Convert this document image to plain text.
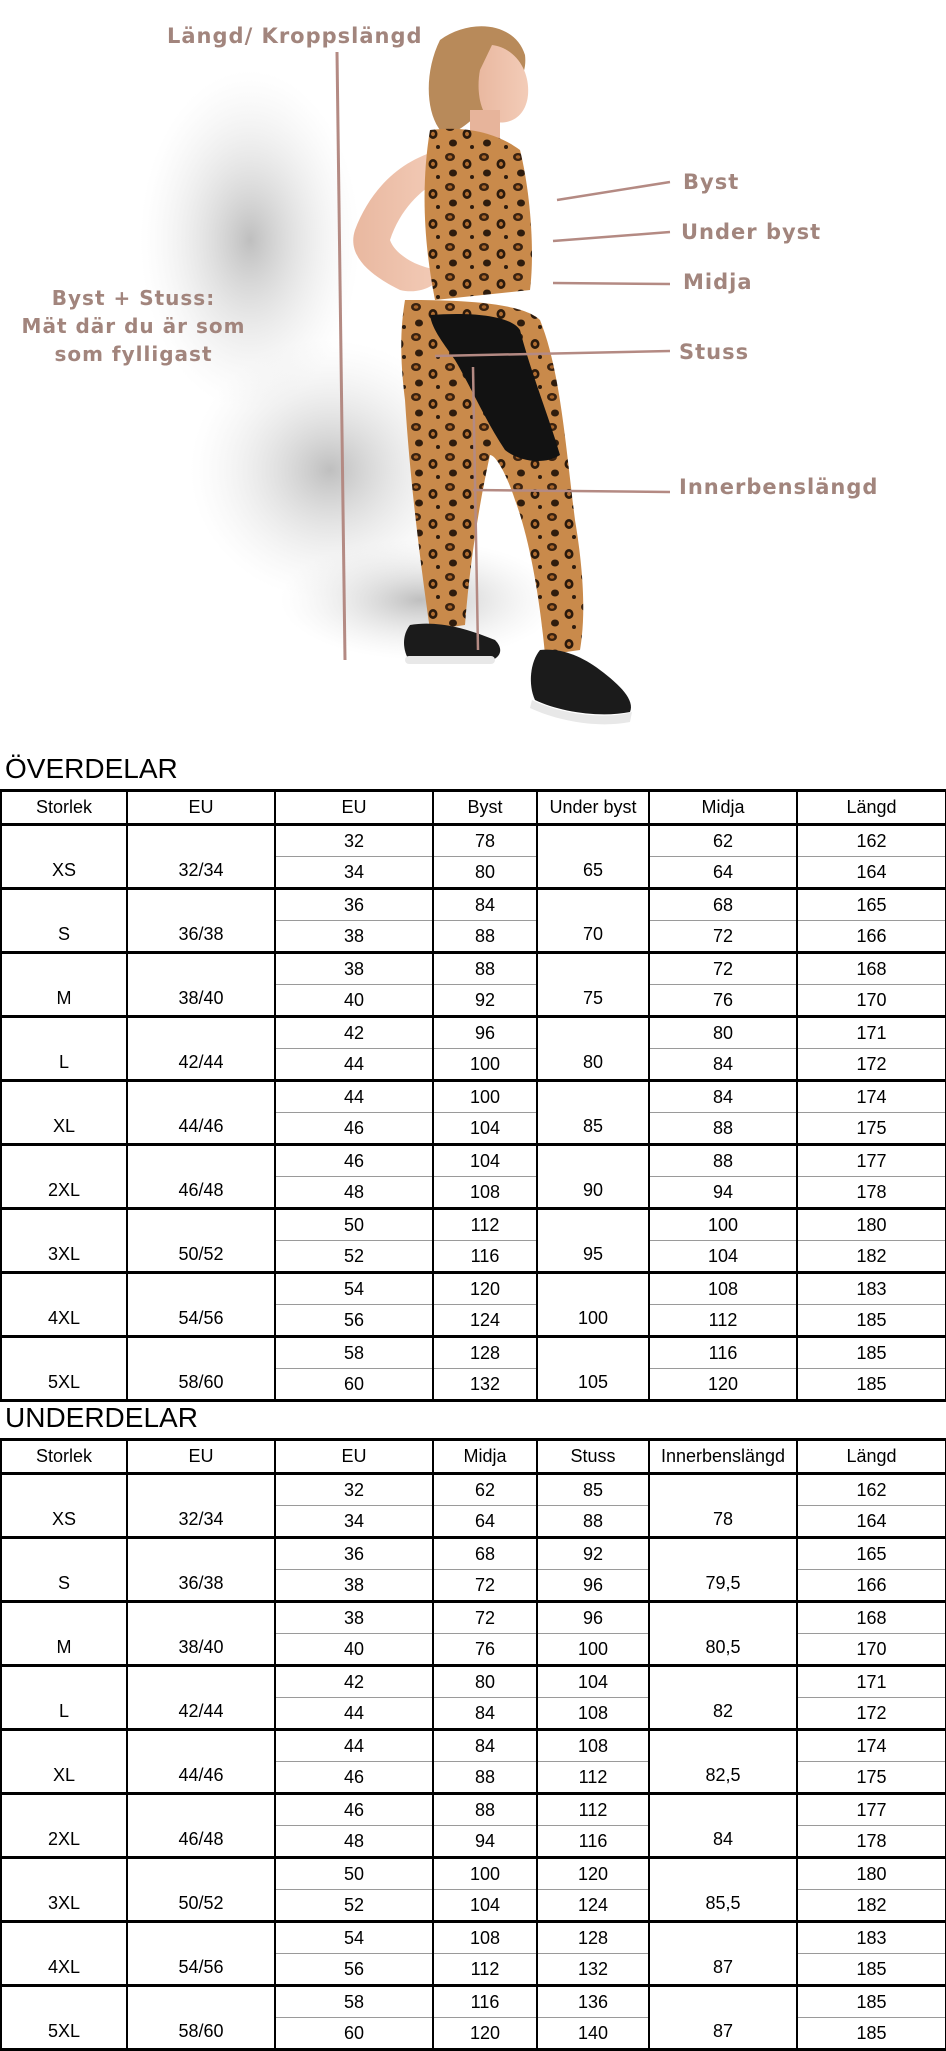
Längd/ Kroppslängd
Byst
Under byst
Midja
Stuss
Innerbenslängd
Byst + Stuss:
Mät där du är som
som fylligast
ÖVERDELAR
Storlek	EU	EU	Byst	Under byst	Midja	Längd
XS	32/34	32	78	65	62	162
		34	80		64	164
S	36/38	36	84	70	68	165
		38	88		72	166
M	38/40	38	88	75	72	168
		40	92		76	170
L	42/44	42	96	80	80	171
		44	100		84	172
XL	44/46	44	100	85	84	174
		46	104		88	175
2XL	46/48	46	104	90	88	177
		48	108		94	178
3XL	50/52	50	112	95	100	180
		52	116		104	182
4XL	54/56	54	120	100	108	183
		56	124		112	185
5XL	58/60	58	128	105	116	185
		60	132		120	185
UNDERDELAR
Storlek	EU	EU	Midja	Stuss	Innerbenslängd	Längd
XS	32/34	32	62	85	78	162
		34	64	88		164
S	36/38	36	68	92	79,5	165
		38	72	96		166
M	38/40	38	72	96	80,5	168
		40	76	100		170
L	42/44	42	80	104	82	171
		44	84	108		172
XL	44/46	44	84	108	82,5	174
		46	88	112		175
2XL	46/48	46	88	112	84	177
		48	94	116		178
3XL	50/52	50	100	120	85,5	180
		52	104	124		182
4XL	54/56	54	108	128	87	183
		56	112	132		185
5XL	58/60	58	116	136	87	185
		60	120	140		185
